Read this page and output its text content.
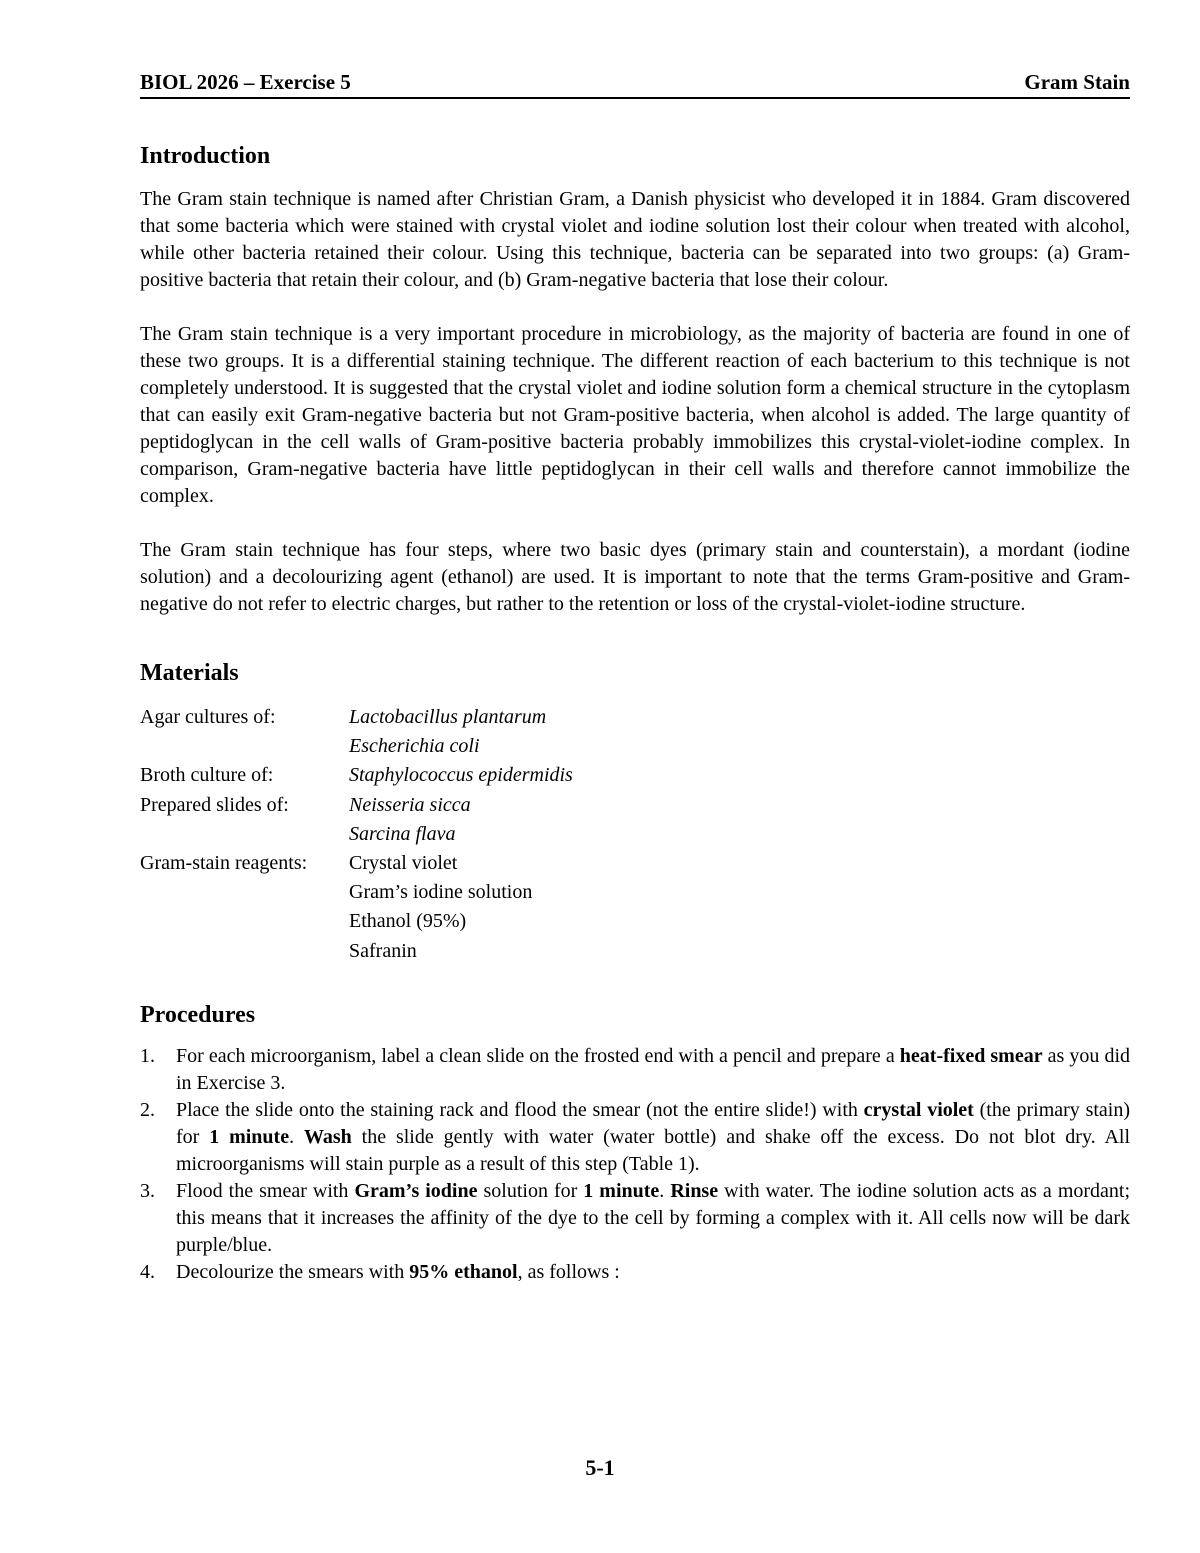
BIOL 2026 – Exercise 5	Gram Stain
Introduction

The Gram stain technique is named after Christian Gram, a Danish physicist who developed it in 1884. Gram discovered that some bacteria which were stained with crystal violet and iodine solution lost their colour when treated with alcohol, while other bacteria retained their colour. Using this technique, bacteria can be separated into two groups: (a) Gram-positive bacteria that retain their colour, and (b) Gram-negative bacteria that lose their colour.

The Gram stain technique is a very important procedure in microbiology, as the majority of bacteria are found in one of these two groups. It is a differential staining technique. The different reaction of each bacterium to this technique is not completely understood. It is suggested that the crystal violet and iodine solution form a chemical structure in the cytoplasm that can easily exit Gram-negative bacteria but not Gram-positive bacteria, when alcohol is added. The large quantity of peptidoglycan in the cell walls of Gram-positive bacteria probably immobilizes this crystal-violet-iodine complex. In comparison, Gram-negative bacteria have little peptidoglycan in their cell walls and therefore cannot immobilize the complex.

The Gram stain technique has four steps, where two basic dyes (primary stain and counterstain), a mordant (iodine solution) and a decolourizing agent (ethanol) are used. It is important to note that the terms Gram-positive and Gram-negative do not refer to electric charges, but rather to the retention or loss of the crystal-violet-iodine structure.

Materials
Agar cultures of:	Lactobacillus plantarum
Escherichia coli
Broth culture of:	Staphylococcus epidermidis
Prepared slides of:	Neisseria sicca
Sarcina flava
Gram-stain reagents:	Crystal violet
Gram’s iodine solution
Ethanol (95%)
Safranin
Procedures
1.	For each microorganism, label a clean slide on the frosted end with a pencil and prepare a heat-fixed smear as you did in Exercise 3.
2.	Place the slide onto the staining rack and flood the smear (not the entire slide!) with crystal violet (the primary stain) for 1 minute. Wash the slide gently with water (water bottle) and shake off the excess. Do not blot dry. All microorganisms will stain purple as a result of this step (Table 1).
3.	Flood the smear with Gram’s iodine solution for 1 minute. Rinse with water. The iodine solution acts as a mordant; this means that it increases the affinity of the dye to the cell by forming a complex with it. All cells now will be dark purple/blue.
4.	Decolourize the smears with 95% ethanol, as follows :
5-1
